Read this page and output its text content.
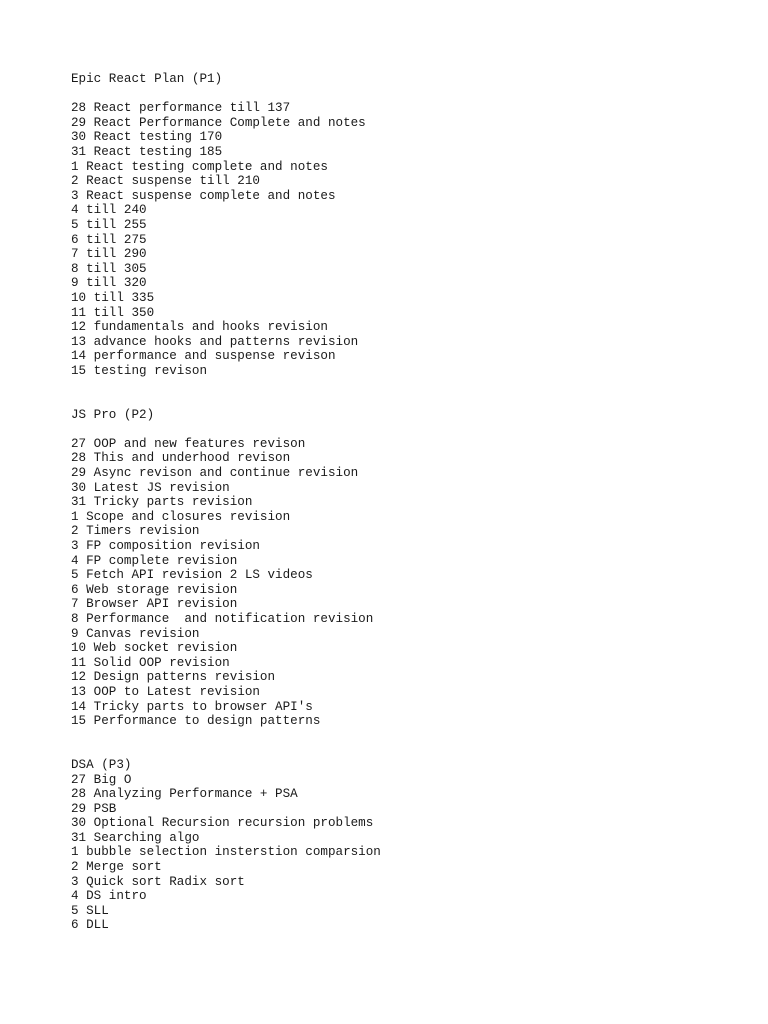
Epic React Plan (P1)
28 React performance till 137
29 React Performance Complete and notes
30 React testing 170
31 React testing 185
1 React testing complete and notes
2 React suspense till 210
3 React suspense complete and notes
4 till 240
5 till 255
6 till 275
7 till 290
8 till 305
9 till 320
10 till 335
11 till 350
12 fundamentals and hooks revision
13 advance hooks and patterns revision
14 performance and suspense revison
15 testing revison
JS Pro (P2)
27 OOP and new features revison
28 This and underhood revison
29 Async revison and continue revision
30 Latest JS revision
31 Tricky parts revision
1 Scope and closures revision
2 Timers revision
3 FP composition revision
4 FP complete revision
5 Fetch API revision 2 LS videos
6 Web storage revision
7 Browser API revision
8 Performance  and notification revision
9 Canvas revision
10 Web socket revision
11 Solid OOP revision
12 Design patterns revision
13 OOP to Latest revision
14 Tricky parts to browser API's
15 Performance to design patterns
DSA (P3)
27 Big O
28 Analyzing Performance + PSA
29 PSB
30 Optional Recursion recursion problems
31 Searching algo
1 bubble selection insterstion comparsion
2 Merge sort
3 Quick sort Radix sort
4 DS intro
5 SLL
6 DLL
